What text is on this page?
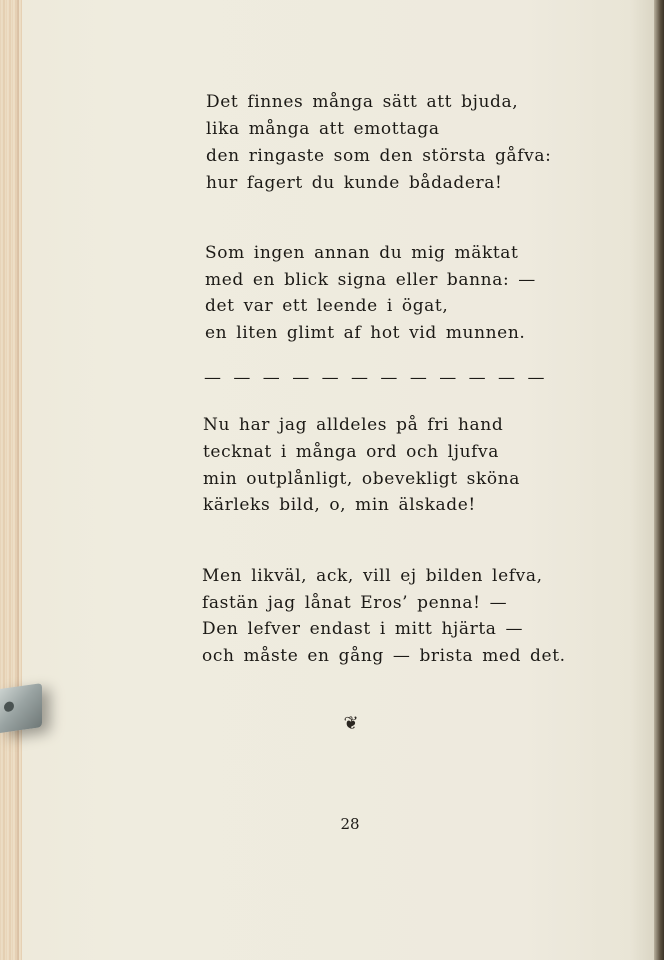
Det finnes många sätt att bjuda,
lika många att emottaga
den ringaste som den största gåfva:
hur fagert du kunde bådadera!
Som ingen annan du mig mäktat
med en blick signa eller banna: —
det var ett leende i ögat,
en liten glimt af hot vid munnen.
— — — — — — — — — — — —
Nu har jag alldeles på fri hand
tecknat i många ord och ljufva
min outplånligt, obevekligt sköna
kärleks bild, o, min älskade!
Men likväl, ack, vill ej bilden lefva,
fastän jag lånat Eros’ penna! —
Den lefver endast i mitt hjärta —
och måste en gång — brista med det.
❦
28
